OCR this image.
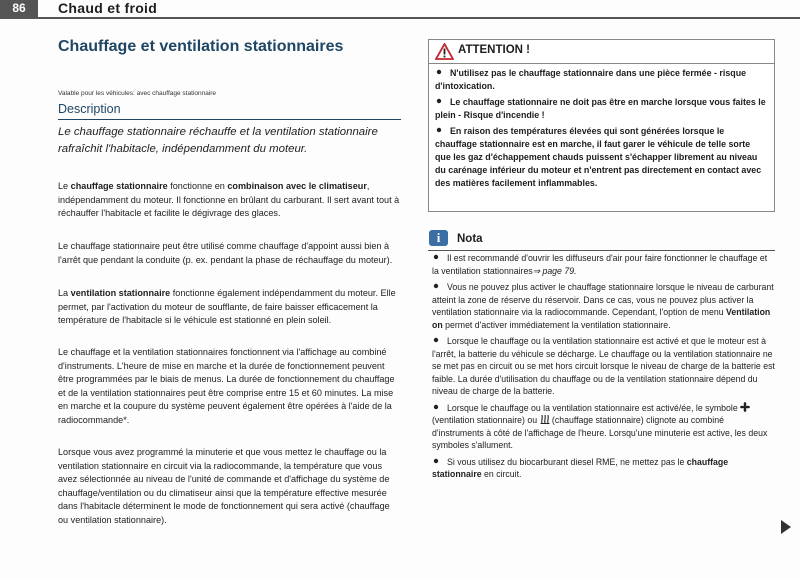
86	Chaud et froid
Chauffage et ventilation stationnaires
Valable pour les véhicules: avec chauffage stationnaire
Description
Le chauffage stationnaire réchauffe et la ventilation stationnaire rafraîchit l'habitacle, indépendamment du moteur.

Le chauffage stationnaire fonctionne en combinaison avec le climatiseur, indépendamment du moteur. Il fonctionne en brûlant du carburant. Il sert avant tout à réchauffer l'habitacle et facilite le dégivrage des glaces.

Le chauffage stationnaire peut être utilisé comme chauffage d'appoint aussi bien à l'arrêt que pendant la conduite (p. ex. pendant la phase de réchauffage du moteur).

La ventilation stationnaire fonctionne également indépendamment du moteur. Elle permet, par l'activation du moteur de soufflante, de faire baisser efficacement la température de l'habitacle si le véhicule est stationné en plein soleil.

Le chauffage et la ventilation stationnaires fonctionnent via l'affichage au combiné d'instruments. L'heure de mise en marche et la durée de fonctionnement peuvent être programmées par le biais de menus. La durée de fonctionnement du chauffage et de la ventilation stationnaires peut être comprise entre 15 et 60 minutes. La mise en marche et la coupure du système peuvent également être opérées à l'aide de la radiocommande*.

Lorsque vous avez programmé la minuterie et que vous mettez le chauffage ou la ventilation stationnaire en circuit via la radiocommande, la température que vous avez sélectionnée au niveau de l'unité de commande et d'affichage du système de chauffage/ventilation ou du climatiseur ainsi que la température effective mesurée dans l'habitacle déterminent le mode de fonctionnement qui sera activé (chauffage ou ventilation stationnaire).

ATTENTION !

N'utilisez pas le chauffage stationnaire dans une pièce fermée - risque d'intoxication.

Le chauffage stationnaire ne doit pas être en marche lorsque vous faites le plein - Risque d'incendie !

En raison des températures élevées qui sont générées lorsque le chauffage stationnaire est en marche, il faut garer le véhicule de telle sorte que les gaz d'échappement chauds puissent s'échapper librement au niveau du carénage inférieur du moteur et n'entrent pas directement en contact avec des matières facilement inflammables.

i	Nota

Il est recommandé d'ouvrir les diffuseurs d'air pour faire fonctionner le chauffage et la ventilation stationnaires⇒ page 79.

Vous ne pouvez plus activer le chauffage stationnaire lorsque le niveau de carburant atteint la zone de réserve du réservoir. Dans ce cas, vous ne pouvez plus activer la ventilation stationnaire via la radiocommande. Cependant, l'option de menu Ventilation on permet d'activer immédiatement la ventilation stationnaire.

Lorsque le chauffage ou la ventilation stationnaire est activé et que le moteur est à l'arrêt, la batterie du véhicule se décharge. Le chauffage ou la ventilation stationnaire ne se met pas en circuit ou se met hors circuit lorsque le niveau de charge de la batterie est faible. La durée d'utilisation du chauffage ou de la ventilation stationnaire dépend du niveau de charge de la batterie.

Lorsque le chauffage ou la ventilation stationnaire est activé/ée, le symbole  (ventilation stationnaire) ou  (chauffage stationnaire) clignote au combiné d'instruments à côté de l'affichage de l'heure. Lorsqu'une minuterie est active, les deux symboles s'allument.

Si vous utilisez du biocarburant diesel RME, ne mettez pas le chauffage stationnaire en circuit.
